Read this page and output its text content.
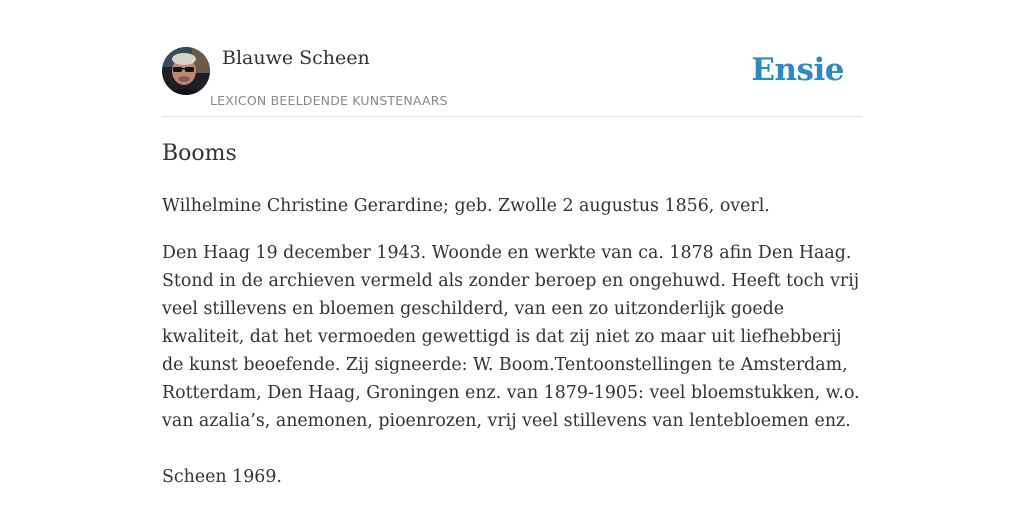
Blauwe Scheen
LEXICON BEELDENDE KUNSTENAARS
Ensie
Booms

Wilhelmine Christine Gerardine; geb. Zwolle 2 augustus 1856, overl.

Den Haag 19 december 1943. Woonde en werkte van ca. 1878 afin Den Haag. Stond in de archieven vermeld als zonder beroep en ongehuwd. Heeft toch vrij veel stillevens en bloemen geschilderd, van een zo uitzonderlijk goede kwaliteit, dat het vermoeden gewettigd is dat zij niet zo maar uit liefhebberij de kunst beoefende. Zij signeerde: W. Boom.Tentoonstellingen te Amsterdam, Rotterdam, Den Haag, Groningen enz. van 1879-1905: veel bloemstukken, w.o. van azalia’s, anemonen, pioenrozen, vrij veel stillevens van lentebloemen enz.

Scheen 1969.
